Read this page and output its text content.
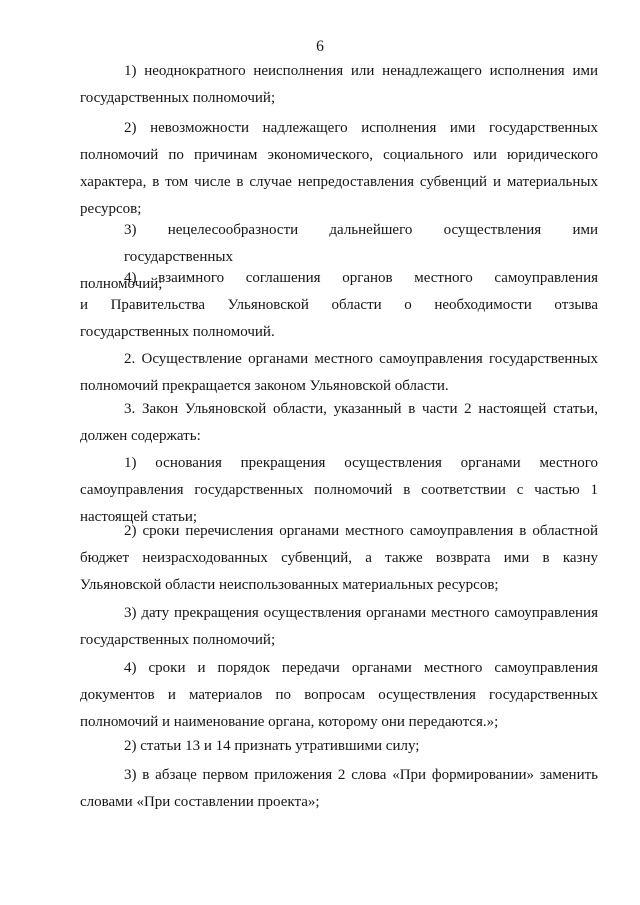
6
1) неоднократного неисполнения или ненадлежащего исполнения ими
государственных полномочий;
2) невозможности надлежащего исполнения ими государственных
полномочий по причинам экономического, социального или юридического
характера, в том числе в случае непредоставления субвенций и материальных
ресурсов;
3) нецелесообразности дальнейшего осуществления ими государственных
полномочий;
4) взаимного соглашения органов местного самоуправления
и Правительства Ульяновской области о необходимости отзыва
государственных полномочий.
2. Осуществление органами местного самоуправления государственных
полномочий прекращается законом Ульяновской области.
3. Закон Ульяновской области, указанный в части 2 настоящей статьи,
должен содержать:
1) основания прекращения осуществления органами местного
самоуправления государственных полномочий в соответствии с частью 1
настоящей статьи;
2) сроки перечисления органами местного самоуправления в областной
бюджет неизрасходованных субвенций, а также возврата ими в казну
Ульяновской области неиспользованных материальных ресурсов;
3) дату прекращения осуществления органами местного самоуправления
государственных полномочий;
4) сроки и порядок передачи органами местного самоуправления
документов и материалов по вопросам осуществления государственных
полномочий и наименование органа, которому они передаются.»;
2) статьи 13 и 14 признать утратившими силу;
3) в абзаце первом приложения 2 слова «При формировании» заменить
словами «При составлении проекта»;
